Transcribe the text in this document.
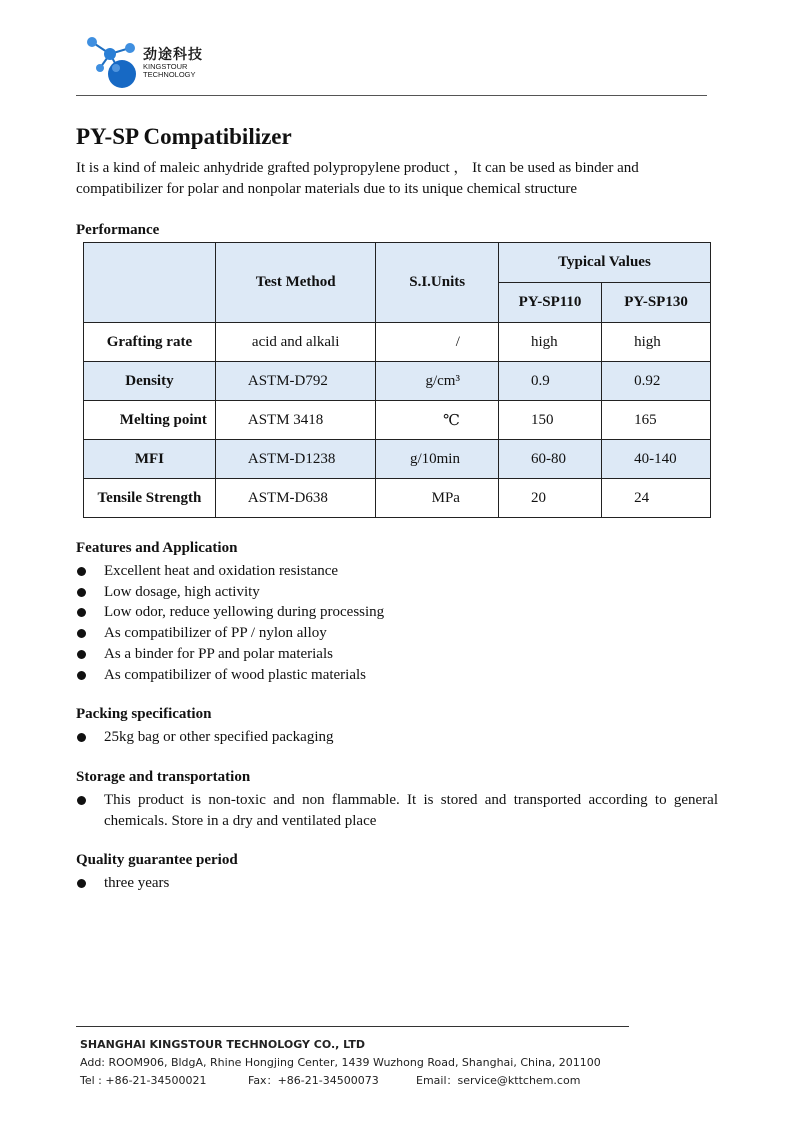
劲途科技
KINGSTOUR
TECHNOLOGY
PY-SP Compatibilizer

It is a kind of maleic anhydride grafted polypropylene product ， It can be used as binder and compatibilizer for polar and nonpolar materials due to its unique chemical structure

Performance
	Test Method	S.I.Units	Typical Values	
			PY-SP110	PY-SP130
Grafting rate	acid and alkali	/	high	high
Density	ASTM-D792	g/cm³	0.9	0.92
Melting point	ASTM 3418	℃	150	165
MFI	ASTM-D1238	g/10min	60-80	40-140
Tensile Strength	ASTM-D638	MPa	20	24
Features and Application
Excellent heat and oxidation resistance
Low dosage, high activity
Low odor, reduce yellowing during processing
As compatibilizer of PP / nylon alloy
As a binder for PP and polar materials
As compatibilizer of wood plastic materials
Packing specification
25kg bag or other specified packaging
Storage and transportation
This product is non-toxic and non flammable. It is stored and transported according to general chemicals. Store in a dry and ventilated place
Quality guarantee period
three years
SHANGHAI KINGSTOUR TECHNOLOGY CO., LTD
Add: ROOM906, BldgA, Rhine Hongjing Center, 1439 Wuzhong Road, Shanghai, China, 201100
Tel : +86-21-34500021	Fax：+86-21-34500073	Email：service@kttchem.com
